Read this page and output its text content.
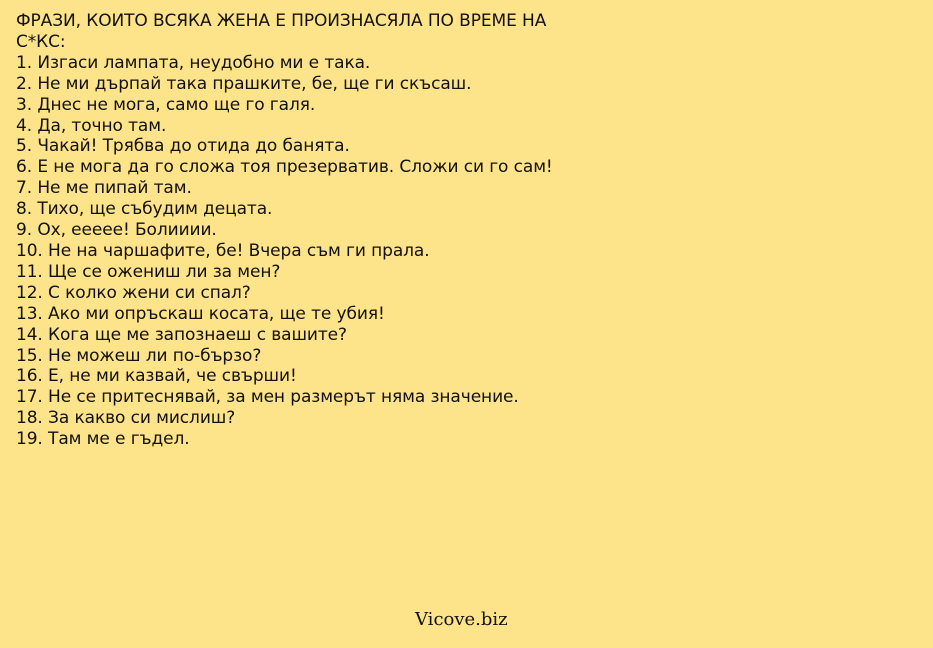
ФРАЗИ, КОИТО ВСЯКА ЖЕНА Е ПРОИЗНАСЯЛА ПО ВРЕМЕ НА С*КС:
1. Изгаси лампата, неудобно ми е така.
2. Не ми дърпай така прашките, бе, ще ги скъсаш.
3. Днес не мога, само ще го галя.
4. Да, точно там.
5. Чакай! Трябва до отида до банята.
6. Е не мога да го сложа тоя презерватив. Сложи си го сам!
7. Не ме пипай там.
8. Тихо, ще събудим децата.
9. Ох, ееееe! Болииии.
10. Не на чаршафите, бе! Вчера съм ги прала.
11. Ще се ожениш ли за мен?
12. С колко жени си спал?
13. Ако ми опръскаш косата, ще те убия!
14. Кога ще ме запознаеш с вашите?
15. Не можеш ли по-бързо?
16. Е, не ми казвай, че свърши!
17. Не се притеснявай, за мен размерът няма значение.
18. За какво си мислиш?
19. Там ме е гъдел.
Vicove.biz
